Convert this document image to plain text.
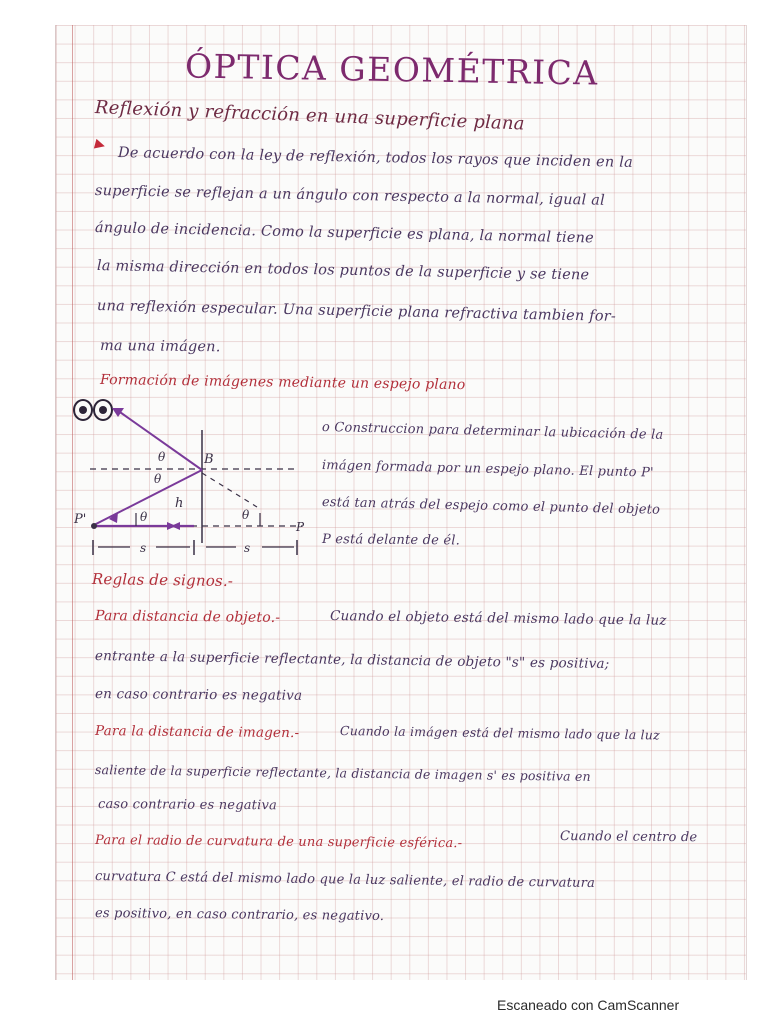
ÓPTICA GEOMÉTRICA
Reflexión y refracción en una superficie plana
De acuerdo con la ley de reflexión, todos los rayos que inciden en la
superficie se reflejan a un ángulo con respecto a la normal, igual al
ángulo de incidencia. Como la superficie es plana, la normal tiene
la misma dirección en todos los puntos de la superficie y se tiene
una reflexión especular. Una superficie plana refractiva tambien for-
ma una imágen.
Formación de imágenes mediante un espejo plano
B
h
θ
θ
θ	θ
P'	P
s	s
o Construccion para determinar la ubicación de la
imágen formada por un espejo plano. El punto P'
está tan atrás del espejo como el punto del objeto
P está delante de él.
Reglas de signos.-
Para distancia de objeto.-	Cuando el objeto está del mismo lado que la luz
entrante a la superficie reflectante, la distancia de objeto "s" es positiva;
en caso contrario es negativa
Para la distancia de imagen.-	Cuando la imágen está del mismo lado que la luz
saliente de la superficie reflectante, la distancia de imagen s' es positiva en
caso contrario es negativa
Para el radio de curvatura de una superficie esférica.-	Cuando el centro de
curvatura C está del mismo lado que la luz saliente, el radio de curvatura
es positivo, en caso contrario, es negativo.
Escaneado con CamScanner
